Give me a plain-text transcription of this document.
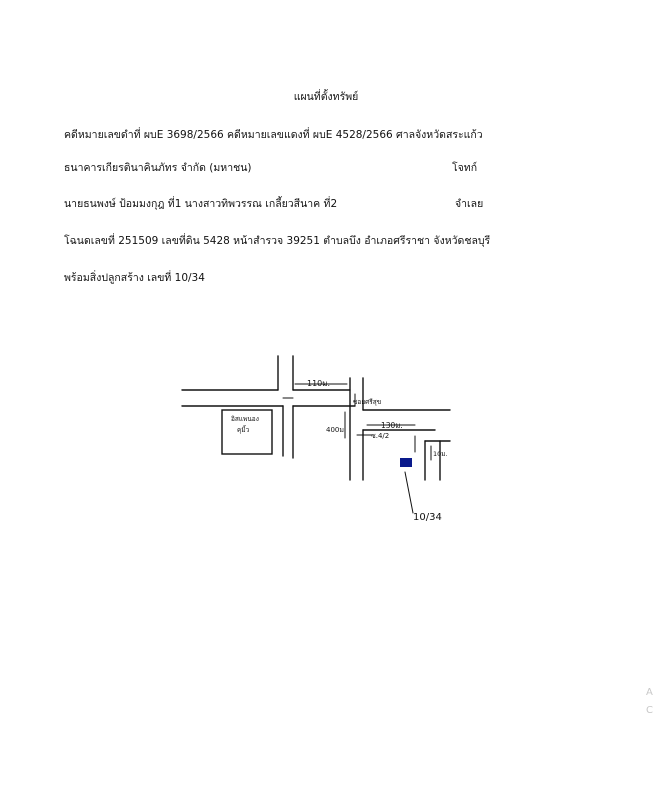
แผนที่ตั้งทรัพย์
คดีหมายเลขดำที่ ผบE 3698/2566 คดีหมายเลขแดงที่ ผบE 4528/2566 ศาลจังหวัดสระแก้ว
ธนาคารเกียรตินาคินภัทร จำกัด (มหาชน)	โจทก์
นายธนพงษ์ ป้อมมงกุฎ ที่1 นางสาวทิพวรรณ เกลี้ยวสีนาค ที่2	จำเลย
โฉนดเลขที่ 251509 เลขที่ดิน 5428 หน้าสำรวจ 39251 ตำบลบึง อำเภอศรีราชา จังหวัดชลบุรี
พร้อมสิ่งปลูกสร้าง เลขที่ 10/34
110ม.
อิสแพนอง
คุมิ้ว
ซอยศรีสุข
130ม.
400ม.
ซ.4/2
10ม.
10/34
A
C
